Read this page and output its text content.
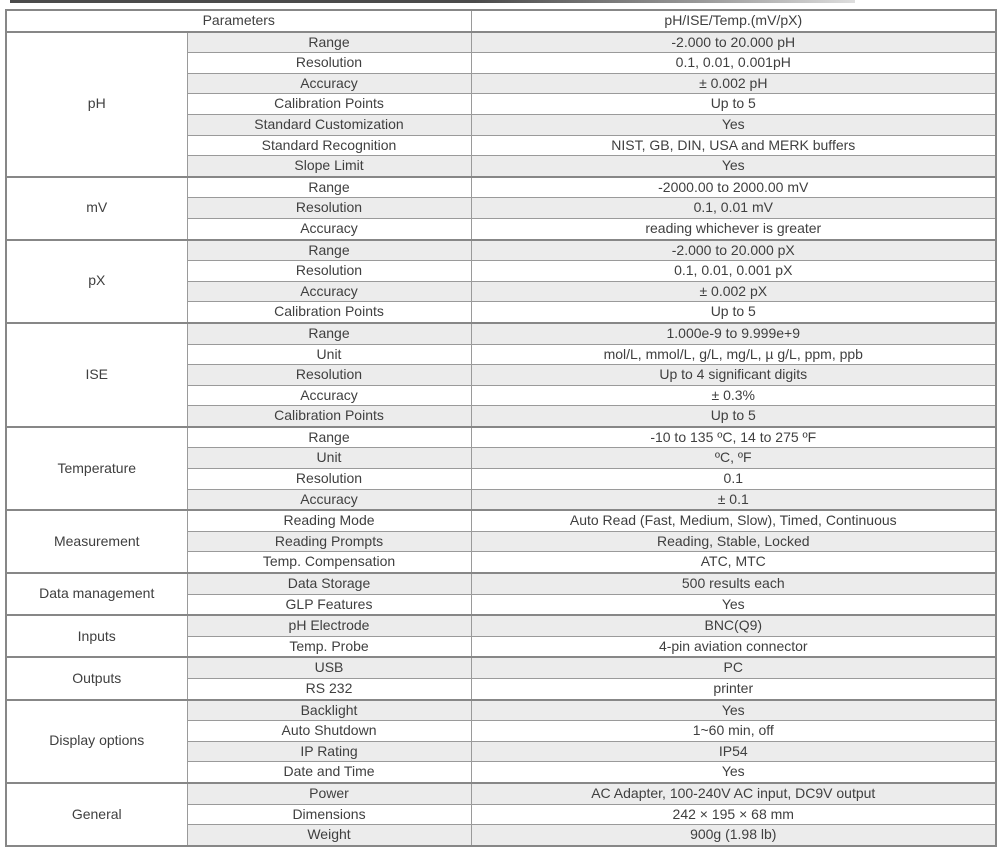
Parameters		pH/ISE/Temp.(mV/pX)
pH	Range	-2.000 to 20.000 pH
	Resolution	0.1, 0.01, 0.001pH
	Accuracy	± 0.002 pH
	Calibration Points	Up to 5
	Standard Customization	Yes
	Standard Recognition	NIST, GB, DIN, USA and MERK buffers
	Slope Limit	Yes
mV	Range	-2000.00 to 2000.00 mV
	Resolution	0.1, 0.01 mV
	Accuracy	reading whichever is greater
pX	Range	-2.000 to 20.000 pX
	Resolution	0.1, 0.01, 0.001 pX
	Accuracy	± 0.002 pX
	Calibration Points	Up to 5
ISE	Range	1.000e-9 to 9.999e+9
	Unit	mol/L, mmol/L, g/L, mg/L, µ g/L, ppm, ppb
	Resolution	Up to 4 significant digits
	Accuracy	± 0.3%
	Calibration Points	Up to 5
Temperature	Range	-10 to 135 ºC, 14 to 275 ºF
	Unit	ºC, ºF
	Resolution	0.1
	Accuracy	± 0.1
Measurement	Reading Mode	Auto Read (Fast, Medium, Slow), Timed, Continuous
	Reading Prompts	Reading, Stable, Locked
	Temp. Compensation	ATC, MTC
Data management	Data Storage	500 results each
	GLP Features	Yes
Inputs	pH Electrode	BNC(Q9)
	Temp. Probe	4-pin aviation connector
Outputs	USB	PC
	RS 232	printer
Display options	Backlight	Yes
	Auto Shutdown	1~60 min, off
	IP Rating	IP54
	Date and Time	Yes
General	Power	AC Adapter, 100-240V AC input, DC9V output
	Dimensions	242 × 195 × 68 mm
	Weight	900g (1.98 lb)
